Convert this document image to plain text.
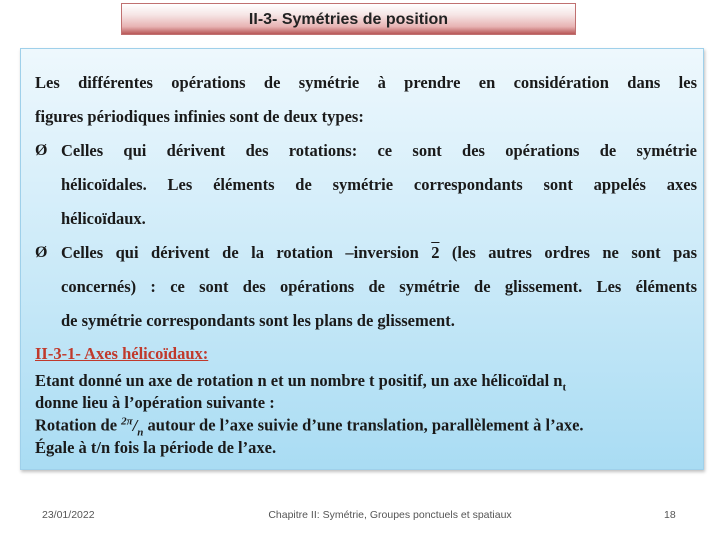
II-3- Symétries de position
Les différentes opérations de symétrie à prendre en considération dans les
figures périodiques infinies sont de deux types:
Ø Celles qui dérivent des rotations: ce sont des opérations de symétrie
hélicoïdales. Les éléments de symétrie correspondants sont appelés axes
hélicoïdaux.
Ø Celles qui dérivent de la rotation –inversion 2 (les autres ordres ne sont pas
concernés) : ce sont des opérations de symétrie de glissement. Les éléments
de symétrie correspondants sont les plans de glissement.
II-3-1- Axes hélicoïdaux:
Etant donné un axe de rotation n et un nombre t positif, un axe hélicoïdal $n_t$
donne lieu à l’opération suivante :
Rotation de $^{2\pi}/_n$ autour de l’axe suivie d’une translation, parallèlement à l’axe.
Égale à t/n fois la période de l’axe.
23/01/2022	Chapitre II: Symétrie, Groupes ponctuels et spatiaux	18
